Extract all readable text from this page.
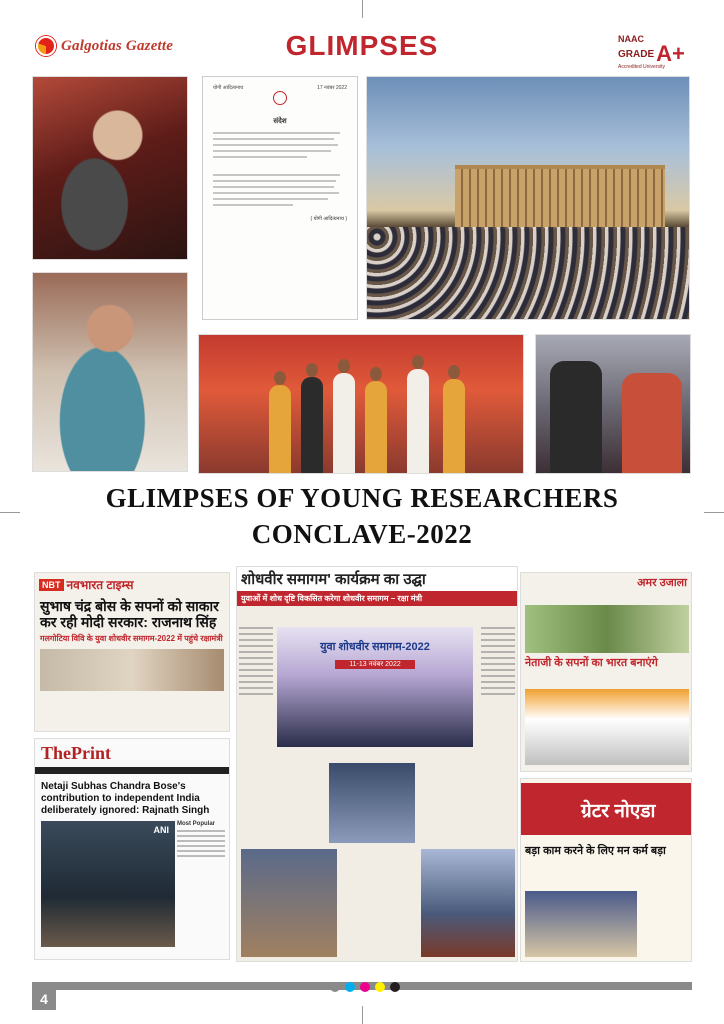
Galgotias Gazette	GLIMPSES	NAAC
GRADE A+
Accredited University
योगी आदित्यनाथ	17 नवंबर 2022
संदेश
( योगी आदित्यनाथ )
GLIMPSES OF YOUNG RESEARCHERS
CONCLAVE-2022
NBT नवभारत टाइम्स
सुभाष चंद्र बोस के सपनों को साकार कर रही मोदी सरकार: राजनाथ सिंह
गलगोटिया विवि के युवा शोधवीर समागम-2022 में पहुंचे रक्षामंत्री
ThePrint
Netaji Subhas Chandra Bose's contribution to independent India deliberately ignored: Rajnath Singh
ANI
Most Popular
शोधवीर समागम' कार्यक्रम का उद्घा
युवाओं में शोध दृष्टि विकसित करेगा शोधवीर समागम – रक्षा मंत्री
युवा शोधवीर समागम-2022
11-13 नवंबर 2022
अमर उजाला
नेताजी के सपनों का भारत बनाएंगे
ग्रेटर नोएडा
बड़ा काम करने के लिए मन कर्म बड़ा
4
